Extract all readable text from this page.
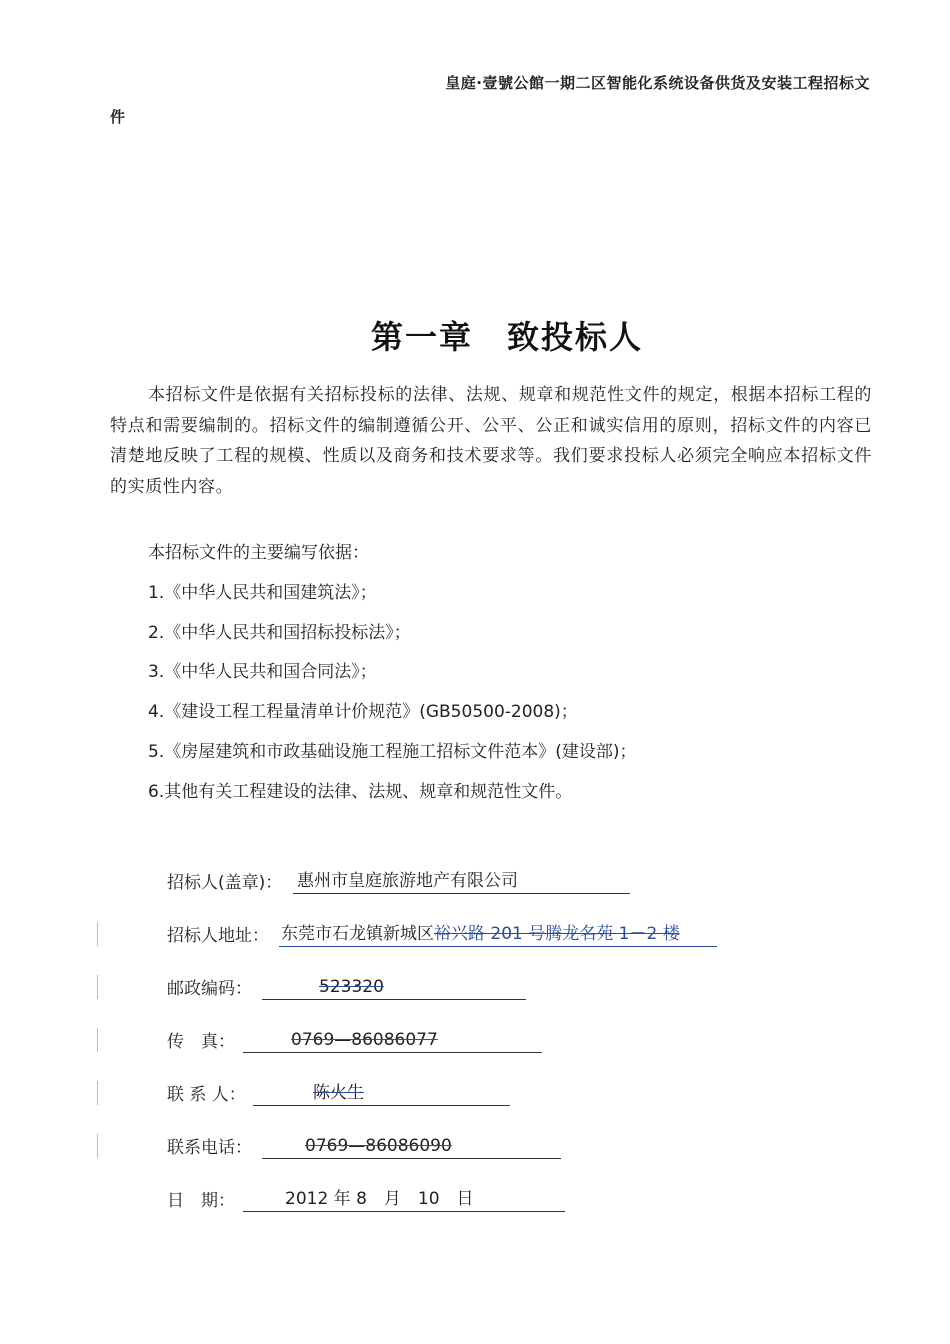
皇庭·壹號公館一期二区智能化系统设备供货及安装工程招标文
件
第一章　致投标人

本招标文件是依据有关招标投标的法律、法规、规章和规范性文件的规定，根据本招标工程的特点和需要编制的。招标文件的编制遵循公开、公平、公正和诚实信用的原则，招标文件的内容已清楚地反映了工程的规模、性质以及商务和技术要求等。我们要求投标人必须完全响应本招标文件的实质性内容。

本招标文件的主要编写依据：
1.《中华人民共和国建筑法》；
2.《中华人民共和国招标投标法》；
3.《中华人民共和国合同法》；
4.《建设工程工程量清单计价规范》(GB50500-2008)；
5.《房屋建筑和市政基础设施工程施工招标文件范本》(建设部)；
6.其他有关工程建设的法律、法规、规章和规范性文件。
招标人(盖章)： 惠州市皇庭旅游地产有限公司
招标人地址： 东莞市石龙镇新城区裕兴路 201 号腾龙名苑 1－2 楼
邮政编码：	523320
传　真：	0769—86086077
联 系 人：	陈火生
联系电话：	0769—86086090
日　期：	2012 年 8　月　10　日
